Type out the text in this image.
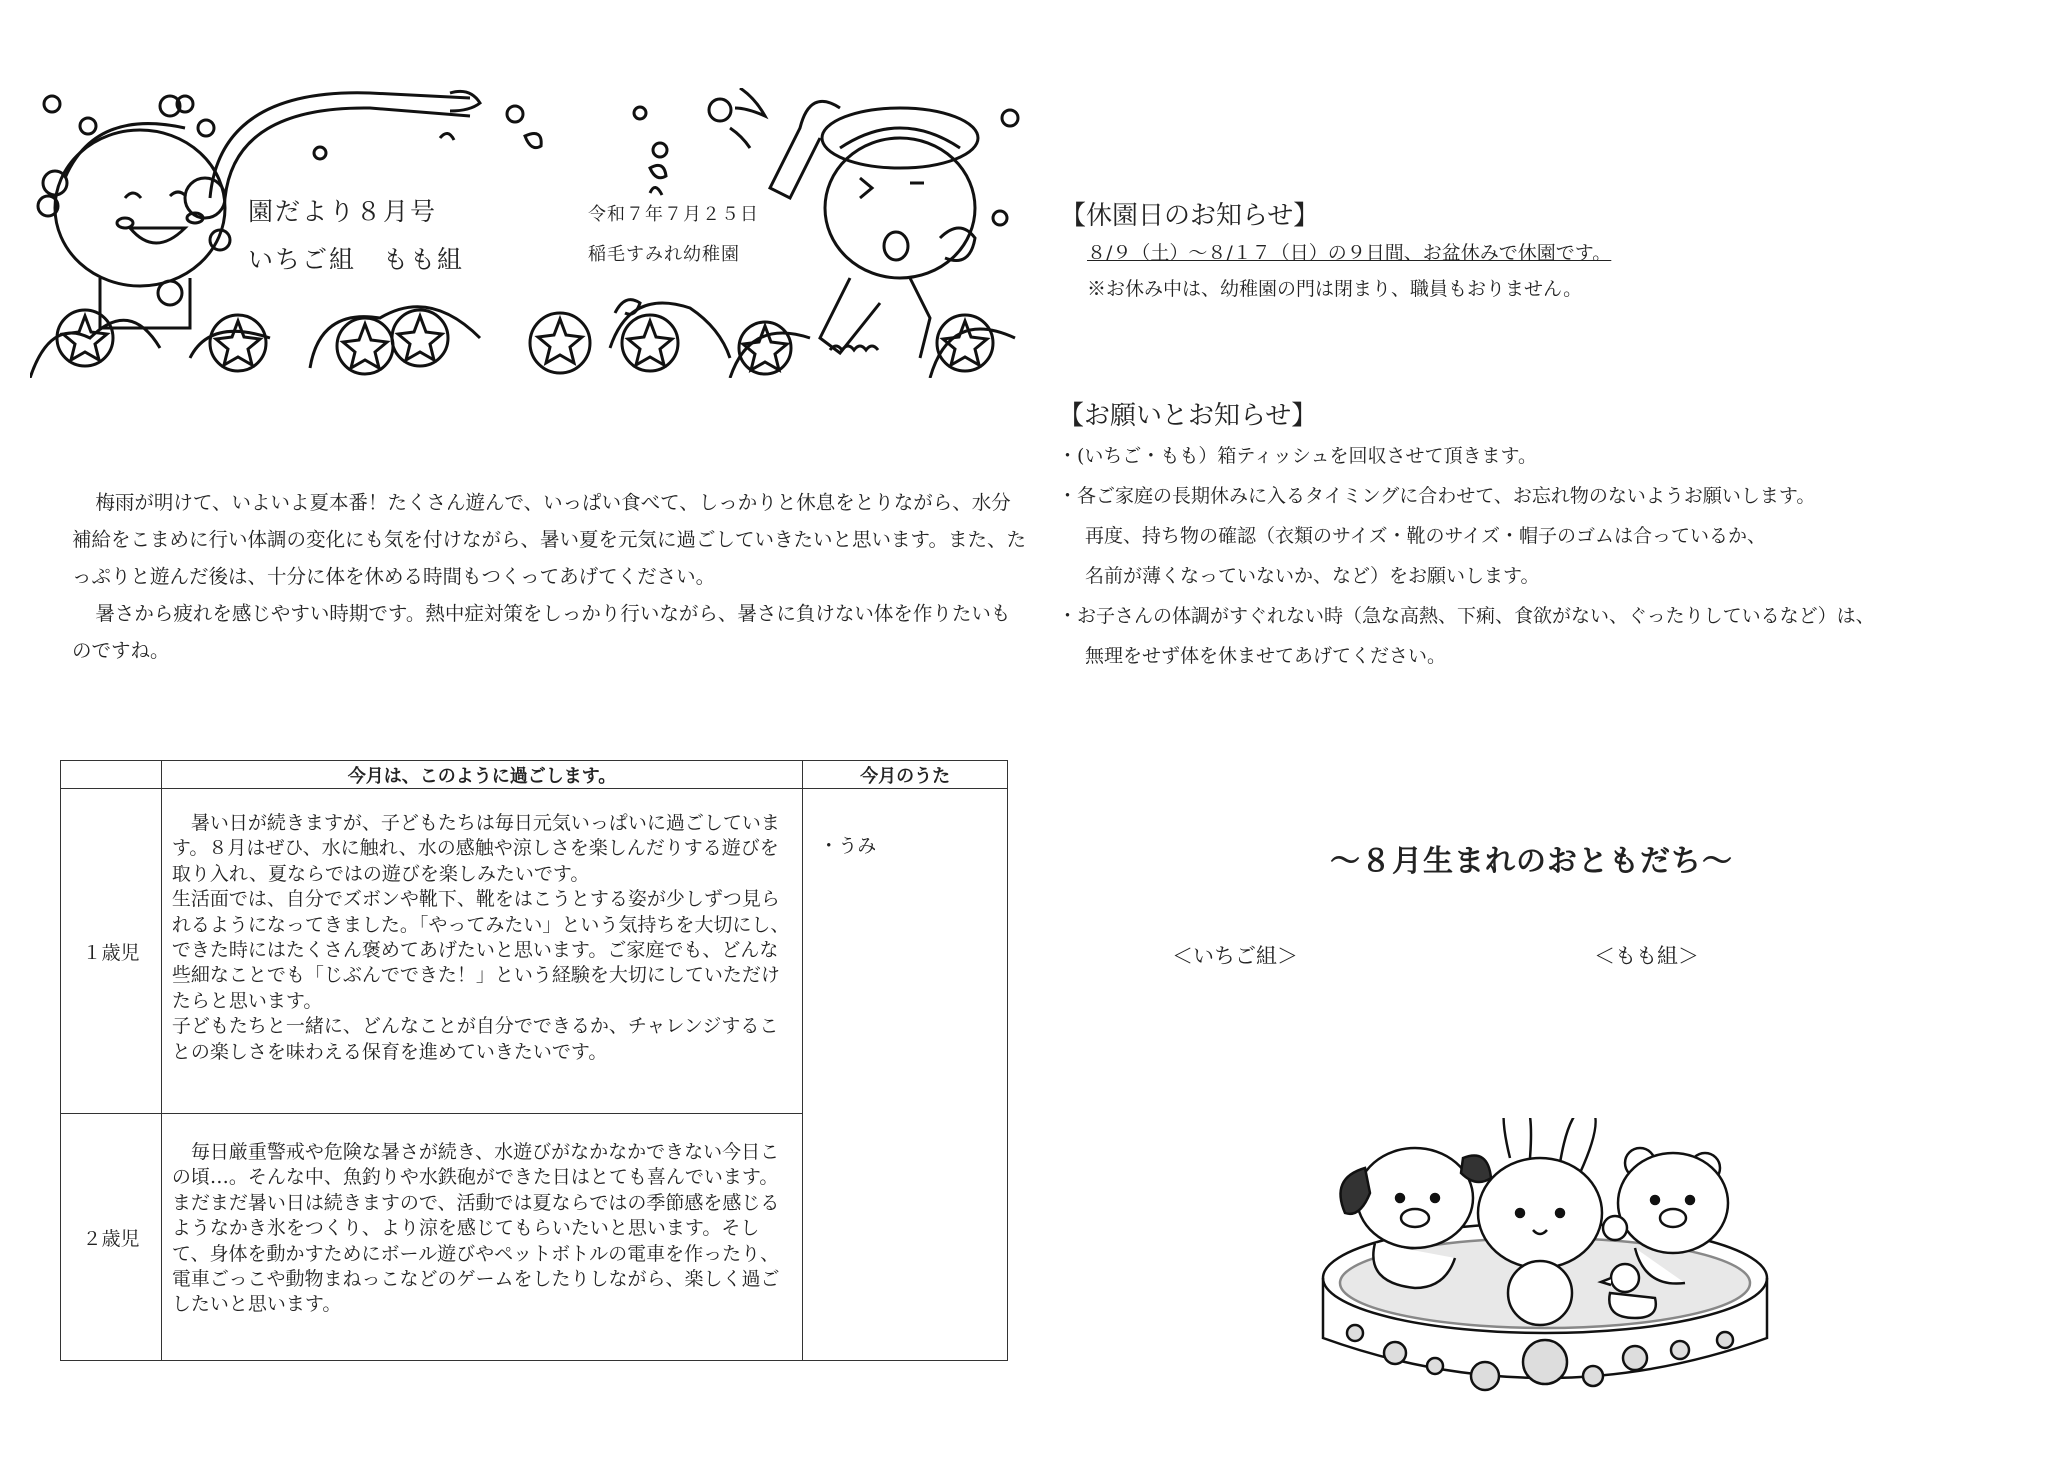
園だより８月号
いちご組　もも組
令和７年７月２５日
稲毛すみれ幼稚園

梅雨が明けて、いよいよ夏本番！たくさん遊んで、いっぱい食べて、しっかりと休息をとりながら、水分補給をこまめに行い体調の変化にも気を付けながら、暑い夏を元気に過ごしていきたいと思います。また、たっぷりと遊んだ後は、十分に体を休める時間もつくってあげてください。

暑さから疲れを感じやすい時期です。熱中症対策をしっかり行いながら、暑さに負けない体を作りたいものですね。

	今月は、このように過ごします。	今月のうた
１歳児	　暑い日が続きますが、子どもたちは毎日元気いっぱいに過ごしています。８月はぜひ、水に触れ、水の感触や涼しさを楽しんだりする遊びを取り入れ、夏ならではの遊びを楽しみたいです。

生活面では、自分でズボンや靴下、靴をはこうとする姿が少しずつ見られるようになってきました。「やってみたい」という気持ちを大切にし、できた時にはたくさん褒めてあげたいと思います。ご家庭でも、どんな些細なことでも「じぶんでできた！」という経験を大切にしていただけたらと思います。

子どもたちと一緒に、どんなことが自分でできるか、チャレンジすることの楽しさを味わえる保育を進めていきたいです。	・うみ
２歳児	　毎日厳重警戒や危険な暑さが続き、水遊びがなかなかできない今日この頃…。そんな中、魚釣りや水鉄砲ができた日はとても喜んでいます。まだまだ暑い日は続きますので、活動では夏ならではの季節感を感じるようなかき氷をつくり、より涼を感じてもらいたいと思います。そして、身体を動かすためにボール遊びやペットボトルの電車を作ったり、電車ごっこや動物まねっこなどのゲームをしたりしながら、楽しく過ごしたいと思います。	

【休園日のお知らせ】
８/９（土）～８/１７（日）の９日間、お盆休みで休園です。
※お休み中は、幼稚園の門は閉まり、職員もおりません。
【お願いとお知らせ】
・(いちご・もも）箱ティッシュを回収させて頂きます。
・各ご家庭の長期休みに入るタイミングに合わせて、お忘れ物のないようお願いします。
再度、持ち物の確認（衣類のサイズ・靴のサイズ・帽子のゴムは合っているか、
名前が薄くなっていないか、など）をお願いします。
・お子さんの体調がすぐれない時（急な高熱、下痢、食欲がない、ぐったりしているなど）は、
無理をせず体を休ませてあげてください。
～８月生まれのおともだち～
＜いちご組＞	＜もも組＞
